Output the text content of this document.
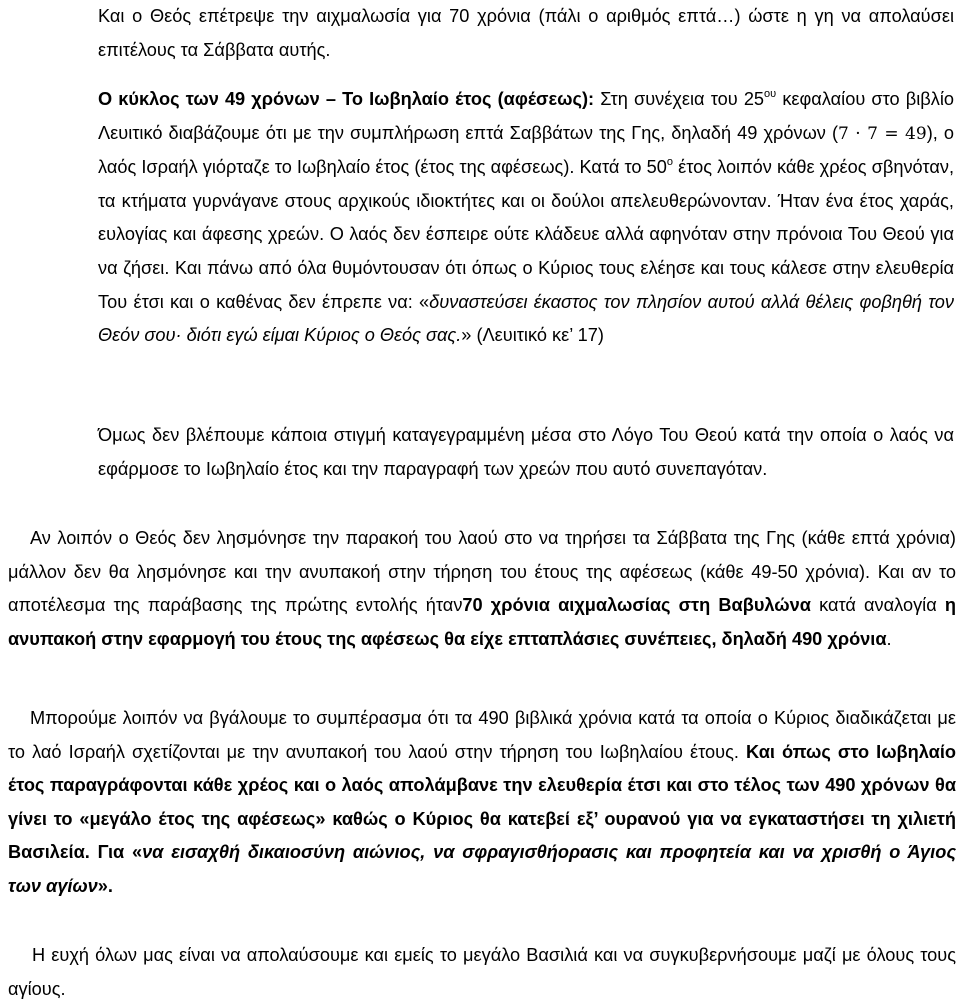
Και ο Θεός επέτρεψε την αιχμαλωσία για 70 χρόνια (πάλι ο αριθμός επτά…) ώστε η γη να απολαύσει επιτέλους τα Σάββατα αυτής.

Ο κύκλος των 49 χρόνων – Το Ιωβηλαίο έτος (αφέσεως): Στη συνέχεια του $25^{o\upsilon}$ κεφαλαίου στο βιβλίο Λευιτικό διαβάζουμε ότι με την συμπλήρωση επτά Σαββάτων της Γης, δηλαδή 49 χρόνων (7 · 7 = 49), ο λαός Ισραήλ γιόρταζε το Ιωβηλαίο έτος (έτος της αφέσεως). Κατά το $50^o$ έτος λοιπόν κάθε χρέος σβηνόταν, τα κτήματα γυρνάγανε στους αρχικούς ιδιοκτήτες και οι δούλοι απελευθερώνονταν. Ήταν ένα έτος χαράς, ευλογίας και άφεσης χρεών. Ο λαός δεν έσπειρε ούτε κλάδευε αλλά αφηνόταν στην πρόνοια Του Θεού για να ζήσει. Και πάνω από όλα θυμόντουσαν ότι όπως ο Κύριος τους ελέησε και τους κάλεσε στην ελευθερία Του έτσι και ο καθένας δεν έπρεπε να: «δυναστεύσει έκαστος τον πλησίον αυτού αλλά θέλεις φοβηθή τον Θεόν σου· διότι εγώ είμαι Κύριος ο Θεός σας.» (Λευιτικό κε’ 17)

Όμως δεν βλέπουμε κάποια στιγμή καταγεγραμμένη μέσα στο Λόγο Του Θεού κατά την οποία ο λαός να εφάρμοσε το Ιωβηλαίο έτος και την παραγραφή των χρεών που αυτό συνεπαγόταν.

Αν λοιπόν ο Θεός δεν λησμόνησε την παρακοή του λαού στο να τηρήσει τα Σάββατα της Γης (κάθε επτά χρόνια) μάλλον δεν θα λησμόνησε και την ανυπακοή στην τήρηση του έτους της αφέσεως (κάθε 49-50 χρόνια). Και αν το αποτέλεσμα της παράβασης της πρώτης εντολής ήταν70 χρόνια αιχμαλωσίας στη Βαβυλώνα κατά αναλογία η ανυπακοή στην εφαρμογή του έτους της αφέσεως θα είχε επταπλάσιες συνέπειες, δηλαδή 490 χρόνια.

Μπορούμε λοιπόν να βγάλουμε το συμπέρασμα ότι τα 490 βιβλικά χρόνια κατά τα οποία ο Κύριος διαδικάζεται με το λαό Ισραήλ σχετίζονται με την ανυπακοή του λαού στην τήρηση του Ιωβηλαίου έτους. Και όπως στο Ιωβηλαίο έτος παραγράφονται κάθε χρέος και ο λαός απολάμβανε την ελευθερία έτσι και στο τέλος των 490 χρόνων θα γίνει το «μεγάλο έτος της αφέσεως» καθώς ο Κύριος θα κατεβεί εξ’ ουρανού για να εγκαταστήσει τη χιλιετή Βασιλεία. Για «να εισαχθή δικαιοσύνη αιώνιος, να σφραγισθήορασις και προφητεία και να χρισθή ο Άγιος των αγίων».

Η ευχή όλων μας είναι να απολαύσουμε και εμείς το μεγάλο Βασιλιά και να συγκυβερνήσουμε μαζί με όλους τους αγίους.
